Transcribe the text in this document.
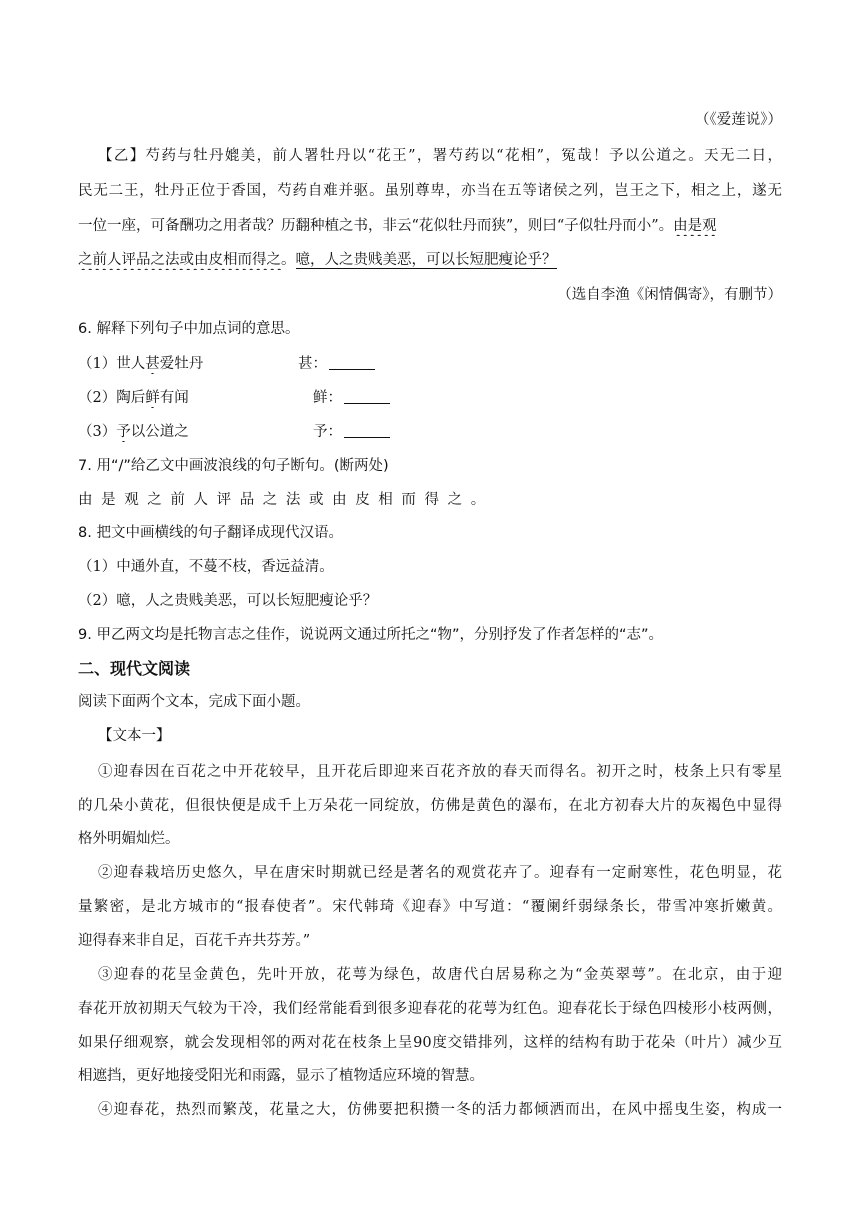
（《爱莲说》）
【乙】芍药与牡丹媲美，前人署牡丹以“花王”，署芍药以“花相”，冤哉！予以公道之。天无二日，
民无二王，牡丹正位于香国，芍药自难并驱。虽别尊卑，亦当在五等诸侯之列，岂王之下，相之上，遂无
一位一座，可备酬功之用者哉？历翻种植之书，非云“花似牡丹而狭”，则曰“子似牡丹而小”。由是观
之前人评品之法或由皮相而得之。噫，人之贵贱美恶，可以长短肥瘦论乎？
（选自李渔《闲情偶寄》，有删节）
6. 解释下列句子中加点词的意思。
（1）世人甚爱牡丹	甚：
（2）陶后鲜有闻	鲜：
（3）予以公道之	予：
7. 用“/”给乙文中画波浪线的句子断句。(断两处)
由是观之前人评品之法或由皮相而得之。
8. 把文中画横线的句子翻译成现代汉语。
（1）中通外直，不蔓不枝，香远益清。
（2）噫，人之贵贱美恶，可以长短肥瘦论乎？
9. 甲乙两文均是托物言志之佳作，说说两文通过所托之“物”，分别抒发了作者怎样的“志”。
二、现代文阅读
阅读下面两个文本，完成下面小题。
【文本一】
①迎春因在百花之中开花较早，且开花后即迎来百花齐放的春天而得名。初开之时，枝条上只有零星
的几朵小黄花，但很快便是成千上万朵花一同绽放，仿佛是黄色的瀑布，在北方初春大片的灰褐色中显得
格外明媚灿烂。
②迎春栽培历史悠久，早在唐宋时期就已经是著名的观赏花卉了。迎春有一定耐寒性，花色明显，花
量繁密，是北方城市的“报春使者”。宋代韩琦《迎春》中写道：“覆阑纤弱绿条长，带雪冲寒折嫩黄。
迎得春来非自足，百花千卉共芬芳。”
③迎春的花呈金黄色，先叶开放，花萼为绿色，故唐代白居易称之为“金英翠萼”。在北京，由于迎
春花开放初期天气较为干冷，我们经常能看到很多迎春花的花萼为红色。迎春花长于绿色四棱形小枝两侧，
如果仔细观察，就会发现相邻的两对花在枝条上呈90度交错排列，这样的结构有助于花朵（叶片）减少互
相遮挡，更好地接受阳光和雨露，显示了植物适应环境的智慧。
④迎春花，热烈而繁茂，花量之大，仿佛要把积攒一冬的活力都倾洒而出，在风中摇曳生姿，构成一
